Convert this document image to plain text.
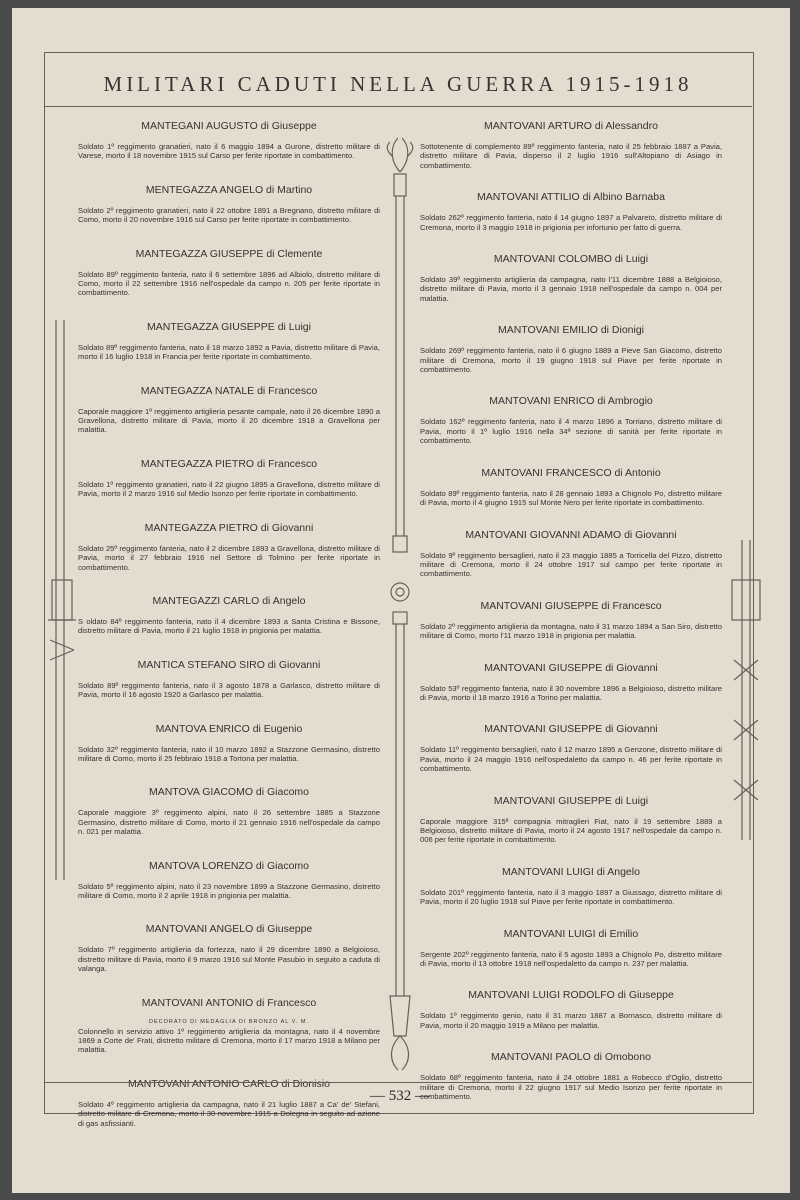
MILITARI CADUTI NELLA GUERRA 1915-1918

MANTEGANI AUGUSTO di Giuseppe

Soldato 1º reggimento granatieri, nato il 6 maggio 1894 a Gurone, distretto militare di Varese, morto il 18 novembre 1915 sul Carso per ferite riportate in combattimento.

MENTEGAZZA ANGELO di Martino

Soldato 2º reggimento granatieri, nato il 22 ottobre 1891 a Bregnano, distretto militare di Como, morto il 20 novembre 1916 sul Carso per ferite riportate in combattimento.

MANTEGAZZA GIUSEPPE di Clemente

Soldato 89º reggimento fanteria, nato il 6 settembre 1896 ad Albiolo, distretto militare di Como, morto il 22 settembre 1916 nell'ospedale da campo n. 205 per ferite riportate in combattimento.

MANTEGAZZA GIUSEPPE di Luigi

Soldato 89º reggimento fanteria, nato il 18 marzo 1892 a Pavia, distretto militare di Pavia, morto il 16 luglio 1918 in Francia per ferite riportate in combattimento.

MANTEGAZZA NATALE di Francesco

Caporale maggiore 1º reggimento artiglieria pesante campale, nato il 26 dicembre 1890 a Gravellona, distretto militare di Pavia, morto il 20 dicembre 1918 a Gravellona per malattia.

MANTEGAZZA PIETRO di Francesco

Soldato 1º reggimento granatieri, nato il 22 giugno 1895 a Gravellona, distretto militare di Pavia, morto il 2 marzo 1916 sul Medio Isonzo per ferite riportate in combattimento.

MANTEGAZZA PIETRO di Giovanni

Soldato 25º reggimento fanteria, nato il 2 dicembre 1893 a Gravellona, distretto militare di Pavia, morto il 27 febbraio 1916 nel Settore di Tolmino per ferite riportate in combattimento.

MANTEGAZZI CARLO di Angelo

S oldato 84º reggimento fanteria, nato il 4 dicembre 1893 a Santa Cristina e Bissone, distretto militare di Pavia, morto il 21 luglio 1918 in prigionia per malattia.

MANTICA STEFANO SIRO di Giovanni

Soldato 89º reggimento fanteria, nato il 3 agosto 1878 a Garlasco, distretto militare di Pavia, morto il 16 agosto 1920 a Garlasco per malattia.

MANTOVA ENRICO di Eugenio

Soldato 32º reggimento fanteria, nato il 10 marzo 1892 a Stazzone Germasino, distretto militare di Como, morto il 25 febbraio 1918 a Tortona per malattia.

MANTOVA GIACOMO di Giacomo

Caporale maggiore 3º reggimento alpini, nato il 26 settembre 1885 a Stazzone Germasino, distretto militare di Como, morto il 21 gennaio 1916 nell'ospedale da campo n. 021 per malattia.

MANTOVA LORENZO di Giacomo

Soldato 5º reggimento alpini, nato il 23 novembre 1899 a Stazzone Germasino, distretto militare di Como, morto il 2 aprile 1918 in prigionia per malattia.

MANTOVANI ANGELO di Giuseppe

Soldato 7º reggimento artiglieria da fortezza, nato il 29 dicembre 1890 a Belgioioso, distretto militare di Pavia, morto il 9 marzo 1916 sul Monte Pasubio in seguito a caduta di valanga.

MANTOVANI ANTONIO di Francesco

DECORATO DI MEDAGLIA DI BRONZO AL V. M.

Colonnello in servizio attivo 1º reggimento artiglieria da montagna, nato il 4 novembre 1869 a Corte de' Frati, distretto militare di Cremona, morto il 17 marzo 1918 a Milano per malattia.

MANTOVANI ANTONIO CARLO di Dionisio

Soldato 4º reggimento artiglieria da campagna, nato il 21 luglio 1887 a Ca' de' Stefani, distretto militare di Cremona, morto il 30 novembre 1915 a Dolegna in seguito ad azione di gas asfissianti.

MANTOVANI ARTURO di Alessandro

Sottotenente di complemento 89º reggimento fanteria, nato il 25 febbraio 1887 a Pavia, distretto militare di Pavia, disperso il 2 luglio 1916 sull'Altopiano di Asiago in combattimento.

MANTOVANI ATTILIO di Albino Barnaba

Soldato 262º reggimento fanteria, nato il 14 giugno 1897 a Palvareto, distretto militare di Cremona, morto il 3 maggio 1918 in prigionia per infortunio per fatto di guerra.

MANTOVANI COLOMBO di Luigi

Soldato 39º reggimento artiglieria da campagna, nato l'11 dicembre 1888 a Belgioioso, distretto militare di Pavia, morto il 3 gennaio 1918 nell'ospedale da campo n. 004 per malattia.

MANTOVANI EMILIO di Dionigi

Soldato 269º reggimento fanteria, nato il 6 giugno 1889 a Pieve San Giacomo, distretto militare di Cremona, morto il 19 giugno 1918 sul Piave per ferite riportate in combattimento.

MANTOVANI ENRICO di Ambrogio

Soldato 162º reggimento fanteria, nato il 4 marzo 1896 a Torriano, distretto militare di Pavia, morto il 1º luglio 1916 nella 34ª sezione di sanità per ferite riportate in combattimento.

MANTOVANI FRANCESCO di Antonio

Soldato 89º reggimento fanteria, nato il 28 gennaio 1893 a Chignolo Po, distretto militare di Pavia, morto il 4 giugno 1915 sul Monte Nero per ferite riportate in combattimento.

MANTOVANI GIOVANNI ADAMO di Giovanni

Soldato 9º reggimento bersaglieri, nato il 23 maggio 1885 a Torricella del Pizzo, distretto militare di Cremona, morto il 24 ottobre 1917 sul campo per ferite riportate in combattimento.

MANTOVANI GIUSEPPE di Francesco

Soldato 2º reggimento artiglieria da montagna, nato il 31 marzo 1894 a San Siro, distretto militare di Como, morto l'11 marzo 1918 in prigionia per malattia.

MANTOVANI GIUSEPPE di Giovanni

Soldato 53º reggimento fanteria, nato il 30 novembre 1896 a Belgioioso, distretto militare di Pavia, morto il 18 marzo 1916 a Torino per malattia.

MANTOVANI GIUSEPPE di Giovanni

Soldato 11º reggimento bersaglieri, nato il 12 marzo 1895 a Genzone, distretto militare di Pavia, morto il 24 maggio 1916 nell'ospedaletto da campo n. 46 per ferite riportate in combattimento.

MANTOVANI GIUSEPPE di Luigi

Caporale maggiore 315ª compagnia mitraglieri Fiat, nato il 19 settembre 1889 a Belgioioso, distretto militare di Pavia, morto il 24 agosto 1917 nell'ospedale da campo n. 006 per ferite riportate in combattimento.

MANTOVANI LUIGI di Angelo

Soldato 201º reggimento fanteria, nato il 3 maggio 1897 a Giussago, distretto militare di Pavia, morto il 20 luglio 1918 sul Piave per ferite riportate in combattimento.

MANTOVANI LUIGI di Emilio

Sergente 202º reggimento fanteria, nato il 5 agosto 1893 a Chignolo Po, distretto militare di Pavia, morto il 13 ottobre 1918 nell'ospedaletto da campo n. 237 per malattia.

MANTOVANI LUIGI RODOLFO di Giuseppe

Soldato 1º reggimento genio, nato il 31 marzo 1887 a Bornasco, distretto militare di Pavia, morto il 20 maggio 1919 a Milano per malattia.

MANTOVANI PAOLO di Omobono

Soldato 68º reggimento fanteria, nato il 24 ottobre 1881 a Robecco d'Oglio, distretto militare di Cremona, morto il 22 giugno 1917 sul Medio Isonzo per ferite riportate in combattimento.

— 532 —
